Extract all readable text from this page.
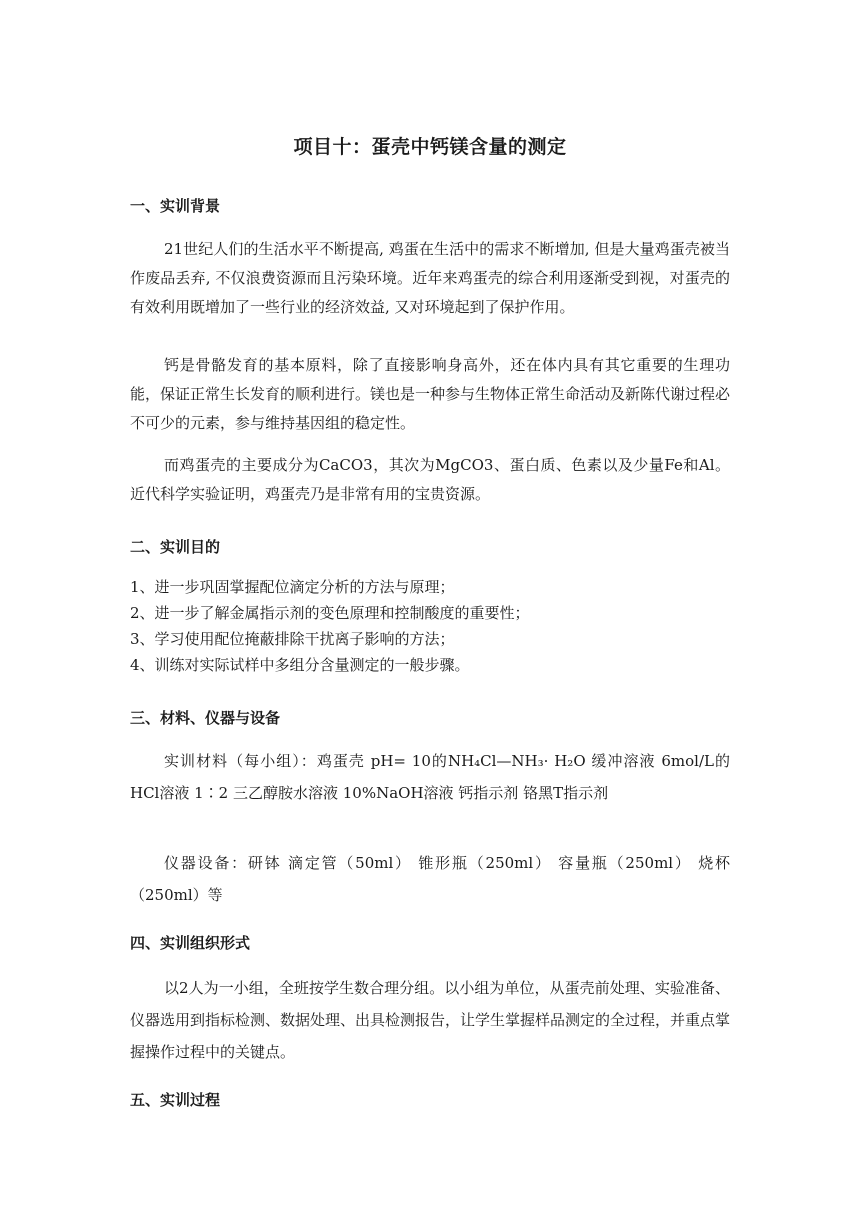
项目十：蛋壳中钙镁含量的测定
一、实训背景

21世纪人们的生活水平不断提高, 鸡蛋在生活中的需求不断增加, 但是大量鸡蛋壳被当作废品丢弃, 不仅浪费资源而且污染环境。近年来鸡蛋壳的综合利用逐渐受到视，对蛋壳的有效利用既增加了一些行业的经济效益, 又对环境起到了保护作用。

钙是骨骼发育的基本原料，除了直接影响身高外，还在体内具有其它重要的生理功能，保证正常生长发育的顺利进行。镁也是一种参与生物体正常生命活动及新陈代谢过程必不可少的元素，参与维持基因组的稳定性。

而鸡蛋壳的主要成分为CaCO3，其次为MgCO3、蛋白质、色素以及少量Fe和Al。近代科学实验证明，鸡蛋壳乃是非常有用的宝贵资源。

二、实训目的
1、进一步巩固掌握配位滴定分析的方法与原理；
2、进一步了解金属指示剂的变色原理和控制酸度的重要性；
3、学习使用配位掩蔽排除干扰离子影响的方法；
4、训练对实际试样中多组分含量测定的一般步骤。
三、材料、仪器与设备

实训材料（每小组）：鸡蛋壳 pH= 10的NH₄Cl—NH₃· H₂O 缓冲溶液 6mol/L的HCl溶液 1∶2 三乙醇胺水溶液 10%NaOH溶液 钙指示剂 铬黑T指示剂

仪器设备：研钵 滴定管（50ml） 锥形瓶（250ml） 容量瓶（250ml） 烧杯（250ml）等

四、实训组织形式

以2人为一小组，全班按学生数合理分组。以小组为单位，从蛋壳前处理、实验准备、仪器选用到指标检测、数据处理、出具检测报告，让学生掌握样品测定的全过程，并重点掌握操作过程中的关键点。

五、实训过程
